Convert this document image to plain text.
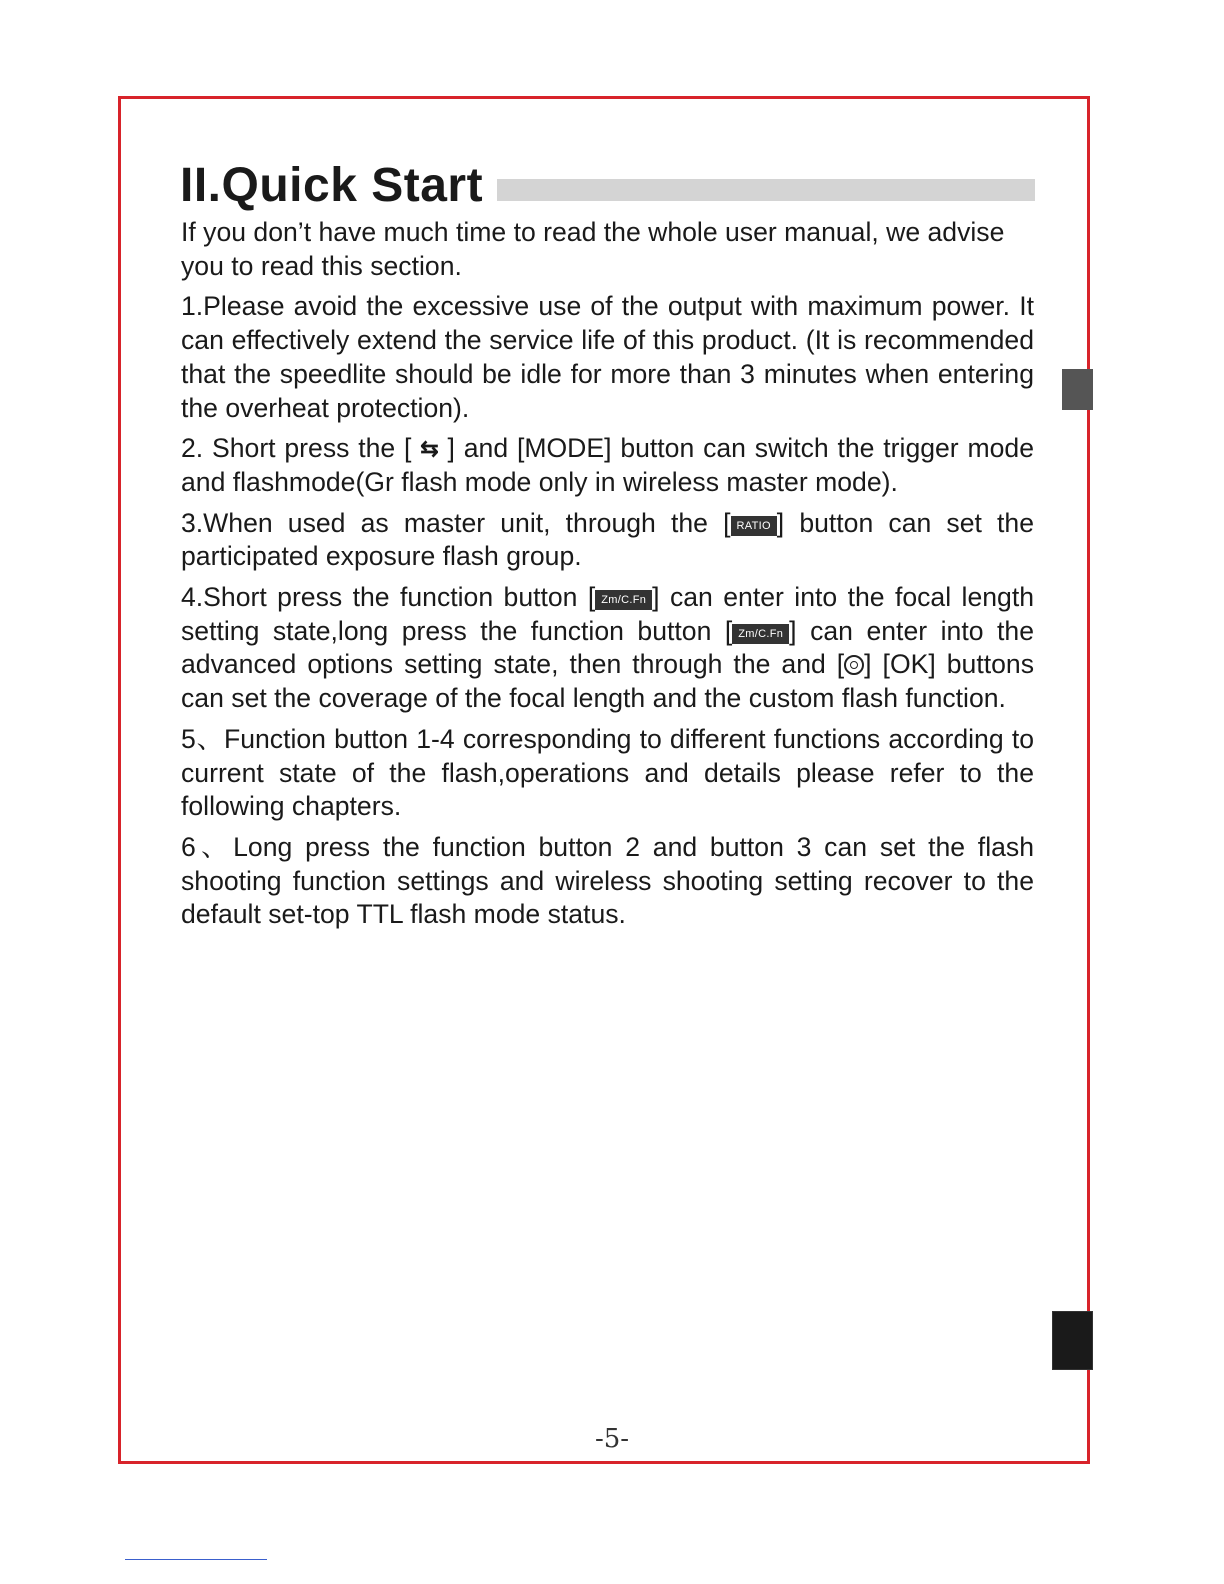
II.Quick Start

If you don’t have much time to read the whole user manual, we advise you to read this section.

1.Please avoid the excessive use of the output with maximum power. It can effectively extend the service life of this product. (It is recommended that the speedlite should be idle for more than 3 minutes when entering the overheat protection).

2. Short press the [ ⇆ ] and [MODE] button can switch the trigger mode and flashmode(Gr flash mode only in wireless master mode).

3.When used as master unit, through the [ RATIO ] button can set the participated exposure flash group.

4.Short press the function button [ Zm/C.Fn ] can enter into the focal length setting state,long press the function button [ Zm/C.Fn ] can enter into the advanced options setting state, then through the and [ ] [OK] buttons can set the coverage of the focal length and the custom flash function.

5、Function button 1-4 corresponding to different functions according to current state of the flash,operations and details please refer to the following chapters.

6、Long press the function button 2 and button 3 can set the flash shooting function settings and wireless shooting setting recover to the default set-top TTL flash mode status.

-5-
